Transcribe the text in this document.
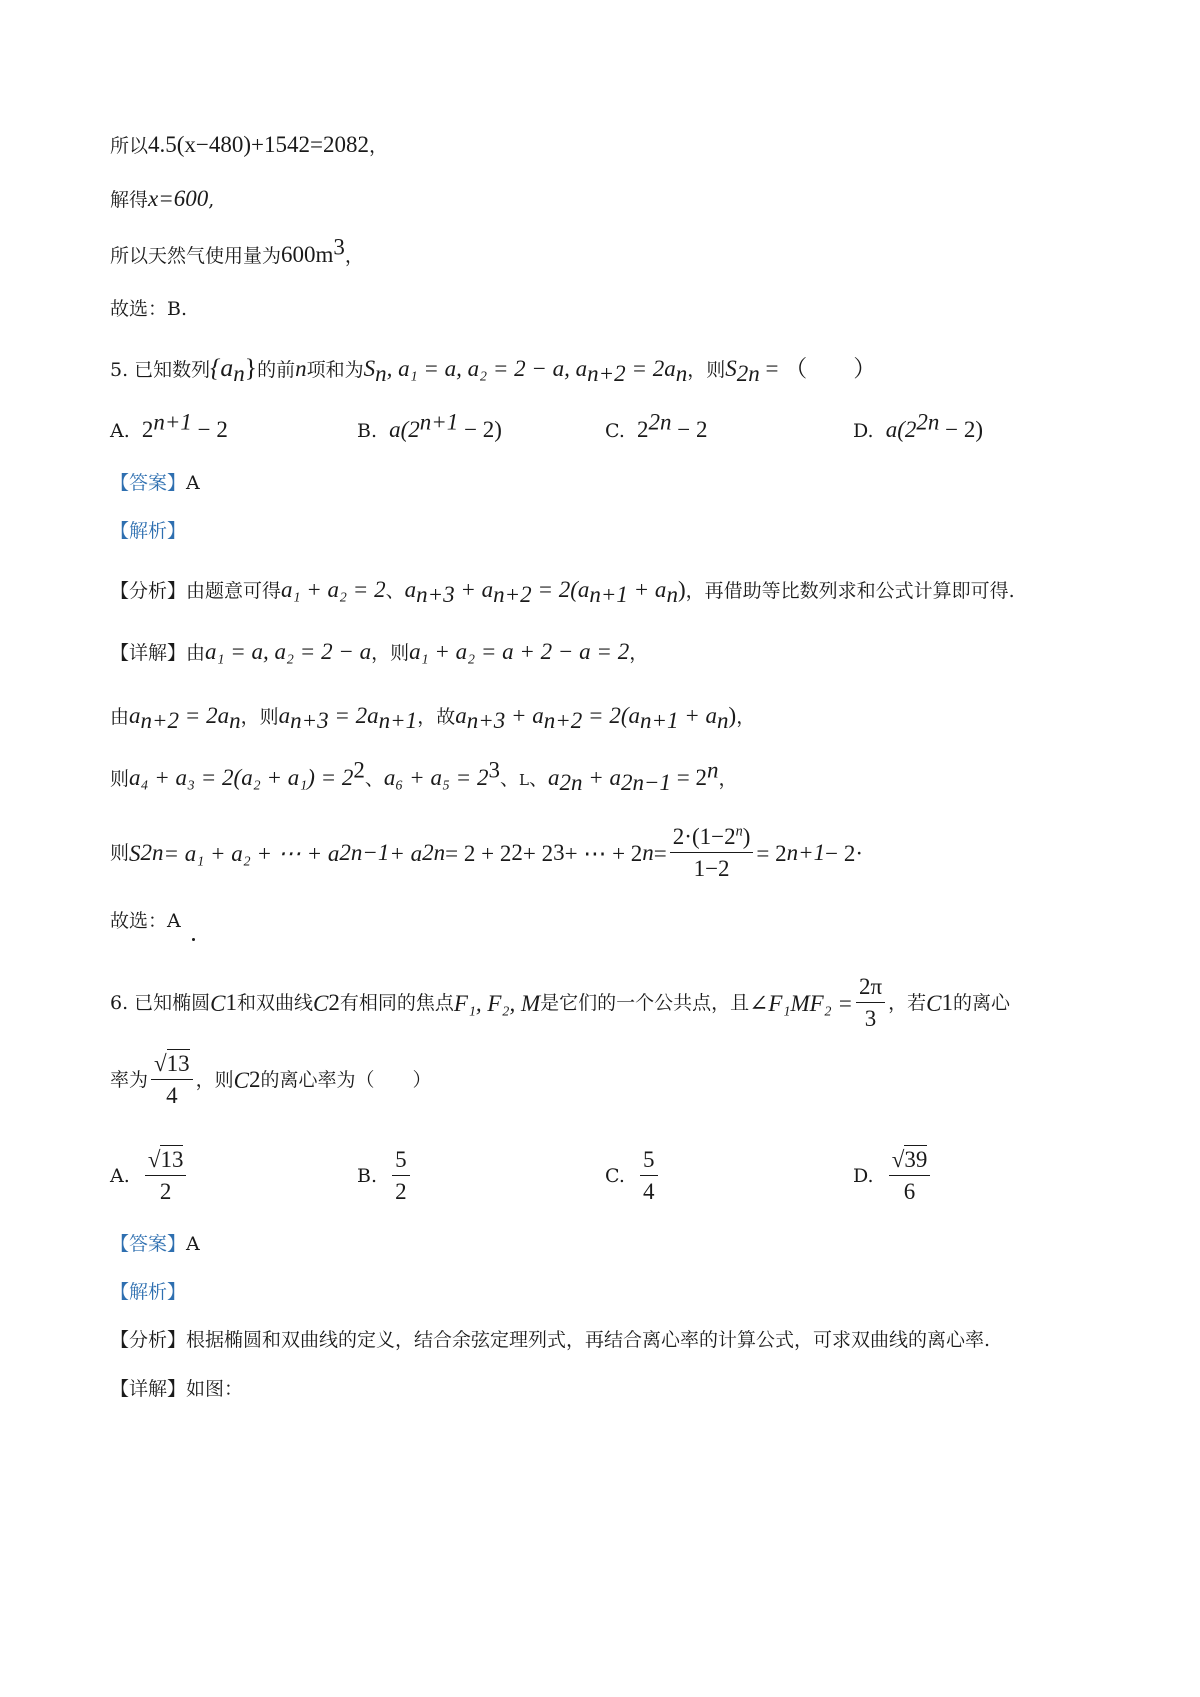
所以4.5(x−480)+1542=2082，
解得x=600,
所以天然气使用量为$600m^3$，
故选：B.
5. 已知数列$\{a_n\}$的前n项和为$S_n$, a₁ = a, a₂ = 2 − a, $a_{n+2} = 2a_n$，则$S_{2n}$ = （　　）
A. $2^{n+1} - 2$	B. $a(2^{n+1} - 2)$	C. $2^{2n} - 2$	D. $a(2^{2n} - 2)$
【答案】A
【解析】
【分析】由题意可得a₁ + a₂ = 2、$a_{n+3} + a_{n+2} = 2(a_{n+1} + a_n)$，再借助等比数列求和公式计算即可得.
【详解】由a₁ = a, a₂ = 2 − a，则a₁ + a₂ = a + 2 − a = 2，
由$a_{n+2} = 2a_n$，则$a_{n+3} = 2a_{n+1}$，故$a_{n+3} + a_{n+2} = 2(a_{n+1} + a_n)$，
则$a_4 + a_3 = 2(a_2 + a_1) = 2^2$、$a_6 + a_5 = 2^3$、L、$a_{2n} + a_{2n-1} = 2^n$，
则 S 2n = a₁ + a₂ + ⋯ + a 2n−1 + a 2n = 2 + 2 2 + 2 3 + ⋯ + 2 $n = \frac{2\cdot(1-2^n)}{1-2} = 2$ n+1 − 2·
故选：A
6. 已知椭圆 C 1 和双曲线 C 2 有相同的焦点 F₁, F₂, M 是它们的一个公共点，且 ∠F₁MF₂ = $\frac{2\pi}{3}$ ，若 C 1 的离心
率为 $\frac{√13}{4}$ ，则 C 2 的离心率为（　　）
A.
$\frac{√13}{2}$	B.
$\frac{5}{2}$	C.
$\frac{5}{4}$	D.
$\frac{√39}{6}$
【答案】A
【解析】
【分析】根据椭圆和双曲线的定义，结合余弦定理列式，再结合离心率的计算公式，可求双曲线的离心率.
【详解】如图：
